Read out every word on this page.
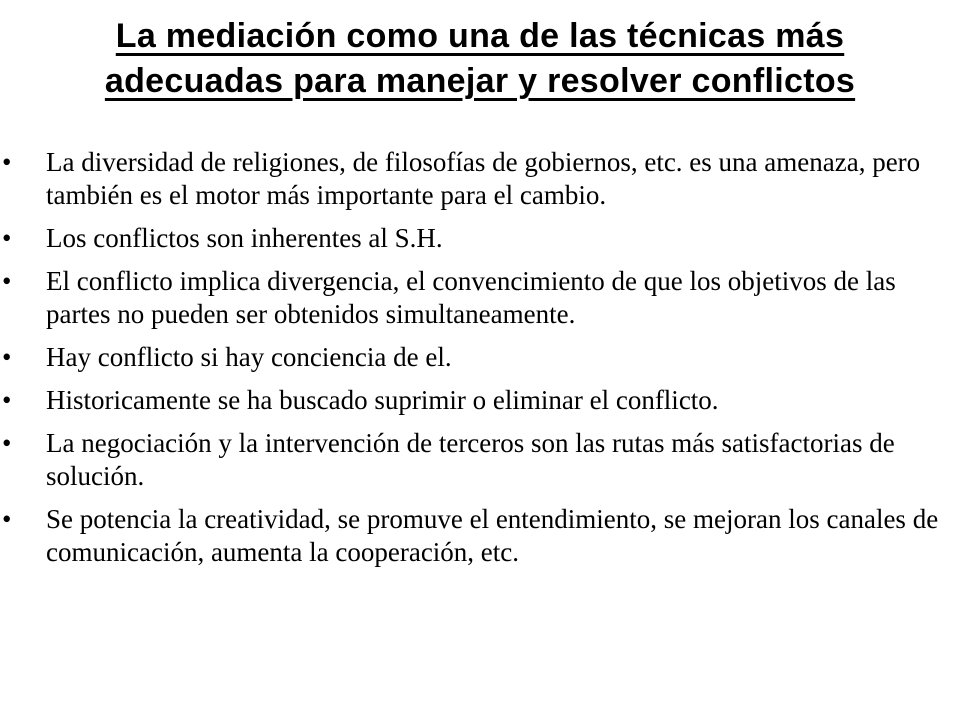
La mediación como una de las técnicas más
adecuadas para manejar y resolver conflictos
•	La diversidad de religiones, de filosofías de gobiernos, etc. es una amenaza, pero también es el motor más importante para el cambio.
•	Los conflictos son inherentes al S.H.
•	El conflicto implica divergencia, el convencimiento de que los objetivos de las partes no pueden ser obtenidos simultaneamente.
•	Hay conflicto si hay conciencia de el.
•	Historicamente se ha buscado suprimir o eliminar el conflicto.
•	La negociación y la intervención de terceros son las rutas más satisfactorias de solución.
•	Se potencia la creatividad, se promuve el entendimiento, se mejoran los canales de comunicación, aumenta la cooperación, etc.
